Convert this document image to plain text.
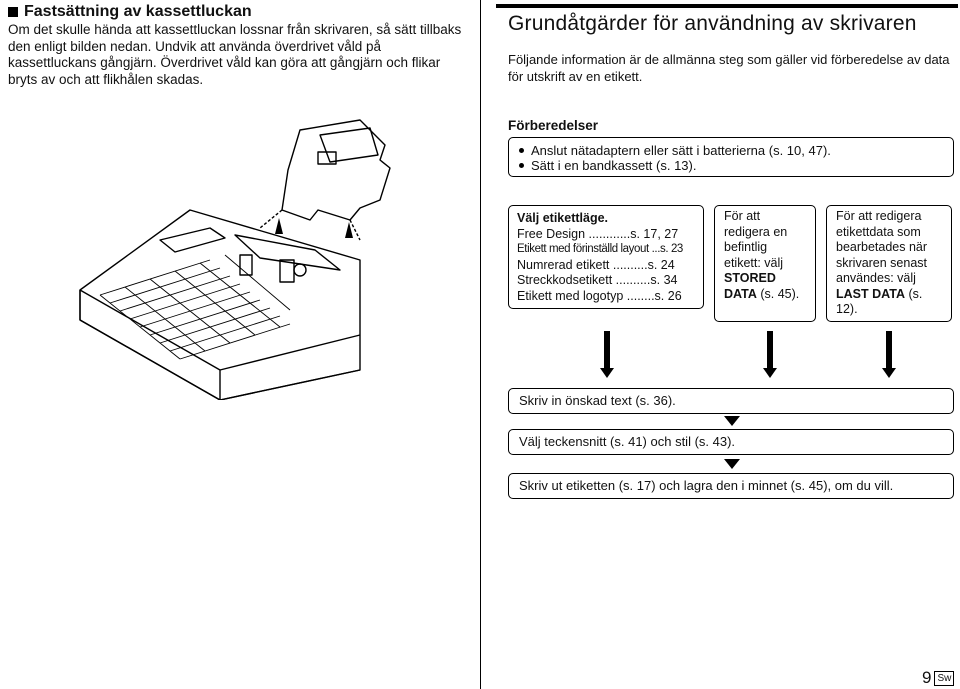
Fastsättning av kassettluckan
Om det skulle hända att kassettluckan lossnar från skrivaren, så sätt tillbaks den enligt bilden nedan. Undvik att använda överdrivet våld på kassettluckans gångjärn. Överdrivet våld kan göra att gångjärn och flikar bryts av och att flikhålen skadas.
Grundåtgärder för användning av skrivaren
Följande information är de allmänna steg som gäller vid förberedelse av data för utskrift av en etikett.
Förberedelser
Anslut nätadaptern eller sätt i batterierna (s. 10, 47).
Sätt i en bandkassett (s. 13).
Välj etikettläge.
Free Design ............s. 17, 27
Etikett med förinställd layout ...s. 23
Numrerad etikett ..........s. 24
Streckkodsetikett ..........s. 34
Etikett med logotyp ........s. 26
För att redigera en befintlig etikett: välj STORED DATA (s. 45).
För att redigera etikettdata som bearbetades när skrivaren senast användes: välj LAST DATA (s. 12).
Skriv in önskad text (s. 36).
Välj teckensnitt (s. 41) och stil (s. 43).
Skriv ut etiketten (s. 17) och lagra den i minnet (s. 45), om du vill.
9 Sw
